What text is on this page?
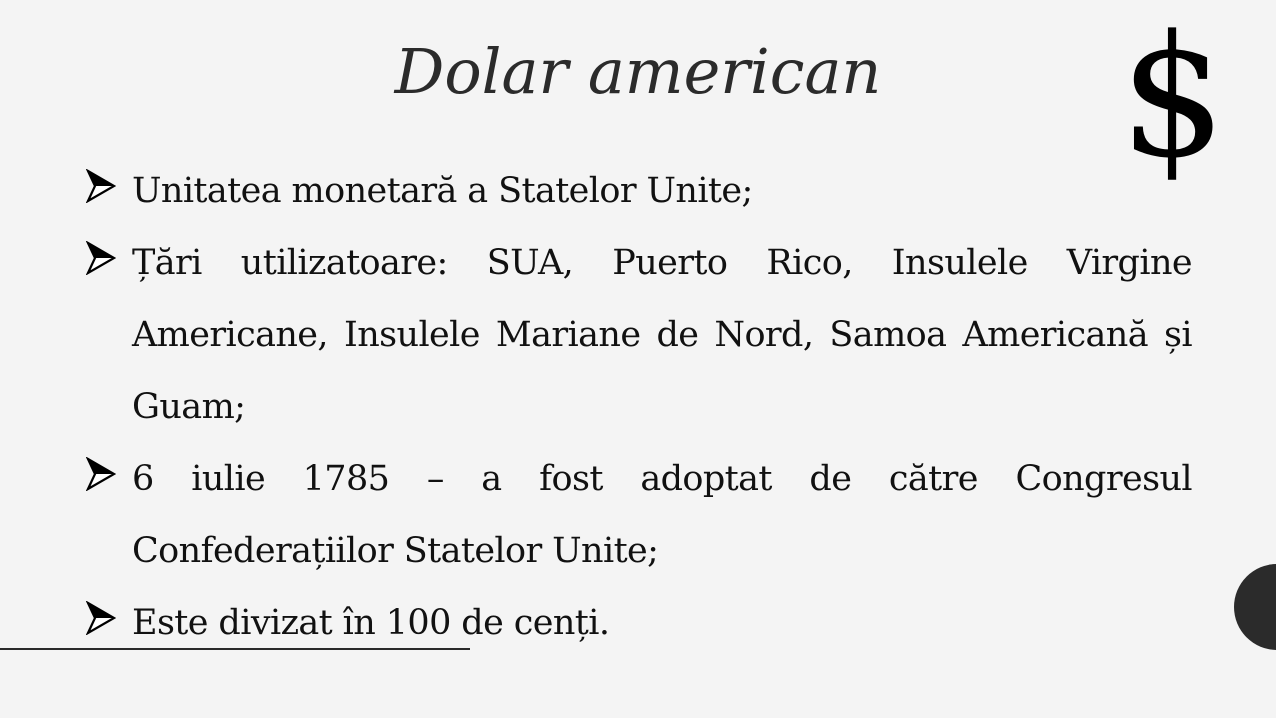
Dolar american	$
Unitatea monetară a Statelor Unite;
Țări utilizatoare: SUA, Puerto Rico, Insulele Virgine Americane, Insulele Mariane de Nord, Samoa Americană și Guam;
6 iulie 1785 – a fost adoptat de către Congresul Confederațiilor Statelor Unite;
Este divizat în 100 de cenți.
